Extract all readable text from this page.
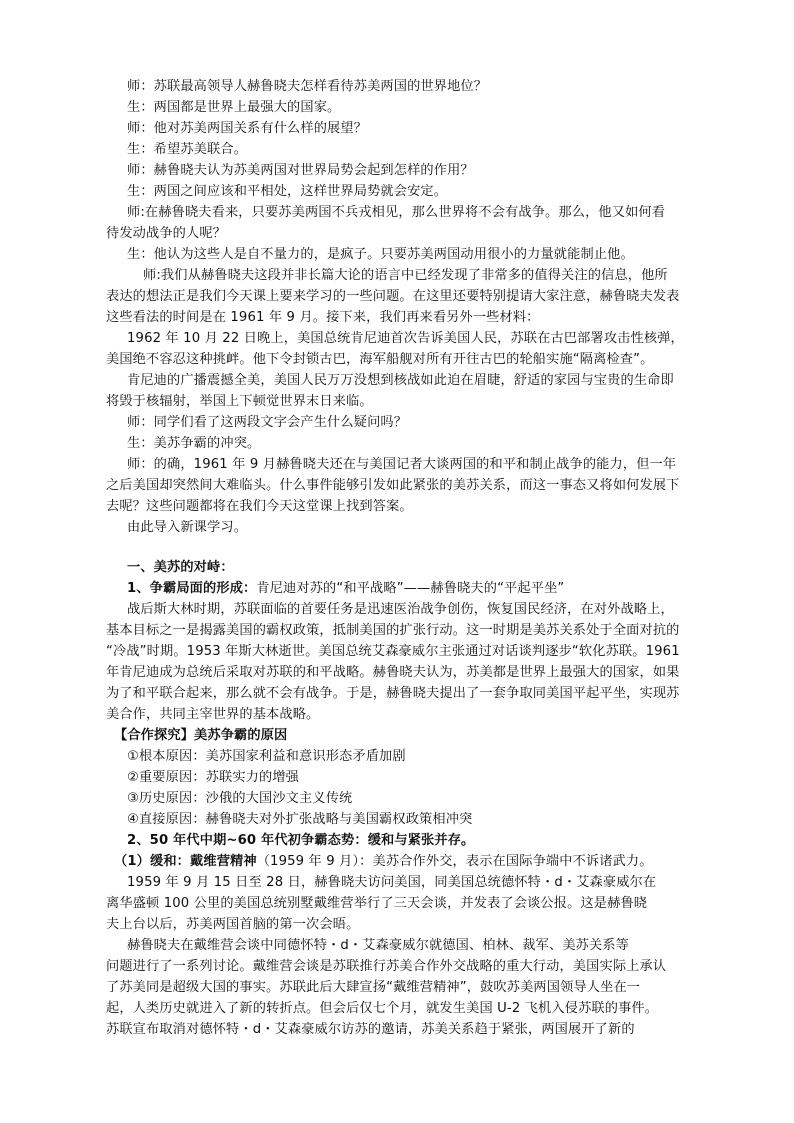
师：苏联最高领导人赫鲁晓夫怎样看待苏美两国的世界地位？
生：两国都是世界上最强大的国家。
师：他对苏美两国关系有什么样的展望？
生：希望苏美联合。
师：赫鲁晓夫认为苏美两国对世界局势会起到怎样的作用？
生：两国之间应该和平相处，这样世界局势就会安定。
师:在赫鲁晓夫看来，只要苏美两国不兵戎相见，那么世界将不会有战争。那么，他又如何看
待发动战争的人呢？
生：他认为这些人是自不量力的，是疯子。只要苏美两国动用很小的力量就能制止他。
师:我们从赫鲁晓夫这段并非长篇大论的语言中已经发现了非常多的值得关注的信息，他所
表达的想法正是我们今天课上要来学习的一些问题。在这里还要特别提请大家注意，赫鲁晓夫发表
这些看法的时间是在 1961 年 9 月。接下来，我们再来看另外一些材料：
1962 年 10 月 22 日晚上，美国总统肯尼迪首次告诉美国人民，苏联在古巴部署攻击性核弹，
美国绝不容忍这种挑衅。他下令封锁古巴，海军船舰对所有开往古巴的轮船实施“隔离检查”。
肯尼迪的广播震撼全美，美国人民万万没想到核战如此迫在眉睫，舒适的家园与宝贵的生命即
将毁于核辐射，举国上下顿觉世界末日来临。
师：同学们看了这两段文字会产生什么疑问吗？
生：美苏争霸的冲突。
师：的确，1961 年 9 月赫鲁晓夫还在与美国记者大谈两国的和平和制止战争的能力，但一年
之后美国却突然间大难临头。什么事件能够引发如此紧张的美苏关系，而这一事态又将如何发展下
去呢？这些问题都将在我们今天这堂课上找到答案。
由此导入新课学习。
一、美苏的对峙：
1、争霸局面的形成：肯尼迪对苏的“和平战略”——赫鲁晓夫的“平起平坐”
战后斯大林时期，苏联面临的首要任务是迅速医治战争创伤，恢复国民经济，在对外战略上，
基本目标之一是揭露美国的霸权政策，抵制美国的扩张行动。这一时期是美苏关系处于全面对抗的
“冷战”时期。1953 年斯大林逝世。美国总统艾森豪威尔主张通过对话谈判逐步“软化苏联。1961
年肯尼迪成为总统后采取对苏联的和平战略。赫鲁晓夫认为，苏美都是世界上最强大的国家，如果
为了和平联合起来，那么就不会有战争。于是，赫鲁晓夫提出了一套争取同美国平起平坐，实现苏
美合作，共同主宰世界的基本战略。
【合作探究】美苏争霸的原因
①根本原因：美苏国家利益和意识形态矛盾加剧
②重要原因：苏联实力的增强
③历史原因：沙俄的大国沙文主义传统
④直接原因：赫鲁晓夫对外扩张战略与美国霸权政策相冲突
2、50 年代中期~60 年代初争霸态势：缓和与紧张并存。
（1）缓和：戴维营精神（1959 年 9 月）：美苏合作外交，表示在国际争端中不诉诸武力。
1959 年 9 月 15 日至 28 日，赫鲁晓夫访问美国，同美国总统德怀特・d・艾森豪威尔在
离华盛顿 100 公里的美国总统别墅戴维营举行了三天会谈，并发表了会谈公报。这是赫鲁晓
夫上台以后，苏美两国首脑的第一次会晤。
赫鲁晓夫在戴维营会谈中同德怀特・d・艾森豪威尔就德国、柏林、裁军、美苏关系等
问题进行了一系列讨论。戴维营会谈是苏联推行苏美合作外交战略的重大行动，美国实际上承认
了苏美同是超级大国的事实。苏联此后大肆宣扬“戴维营精神”，鼓吹苏美两国领导人坐在一
起，人类历史就进入了新的转折点。但会后仅七个月，就发生美国 U-2 飞机入侵苏联的事件。
苏联宣布取消对德怀特・d・艾森豪威尔访苏的邀请，苏美关系趋于紧张，两国展开了新的
